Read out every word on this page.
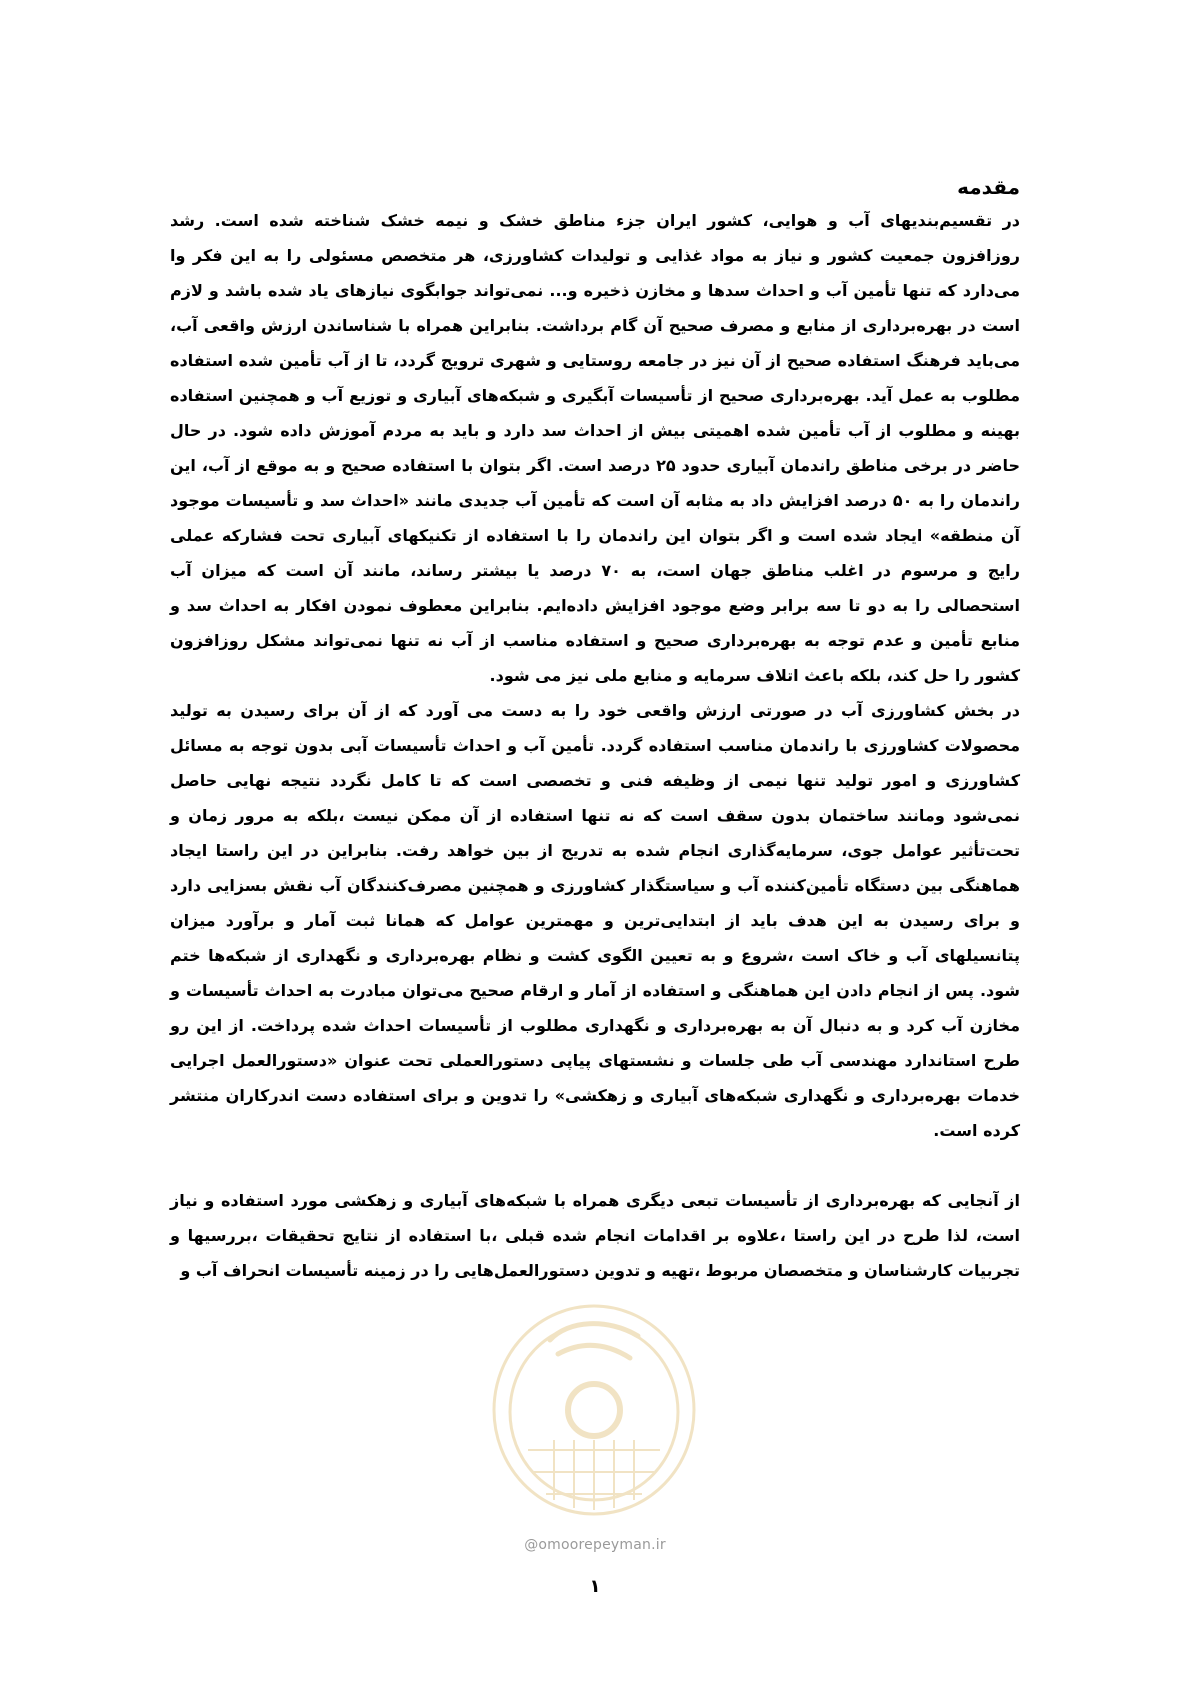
مقدمه

در تقسیم‌بندیهای آب و هوایی، کشور ایران جزء مناطق خشک و نیمه خشک شناخته شده است. رشد روزافزون جمعیت کشور و نیاز به مواد غذایی و تولیدات کشاورزی، هر متخصص مسئولی را به این فکر وا می‌دارد که تنها تأمین آب و احداث سدها و مخازن ذخیره و... نمی‌تواند جوابگوی نیازهای یاد شده باشد و لازم است در بهره‌برداری از منابع و مصرف صحیح آن گام برداشت. بنابراین همراه با شناساندن ارزش واقعی آب، می‌باید فرهنگ استفاده صحیح از آن نیز در جامعه روستایی و شهری ترویج گردد، تا از آب تأمین شده استفاده مطلوب به عمل آید. بهره‌برداری صحیح از تأسیسات آبگیری و شبکه‌های آبیاری و توزیع آب و همچنین استفاده بهینه و مطلوب از آب تأمین شده اهمیتی بیش از احداث سد دارد و باید به مردم آموزش داده شود. در حال حاضر در برخی مناطق راندمان آبیاری حدود ۲۵ درصد است. اگر بتوان با استفاده صحیح و به موقع از آب، این راندمان را به ۵۰ درصد افزایش داد به مثابه آن است که تأمین آب جدیدی مانند «احداث سد و تأسیسات موجود آن منطقه» ایجاد شده است و اگر بتوان این راندمان را با استفاده از تکنیکهای آبیاری تحت فشارکه عملی رایج و مرسوم در اغلب مناطق جهان است، به ۷۰ درصد یا بیشتر رساند، مانند آن است که میزان آب استحصالی را به دو تا سه برابر وضع موجود افزایش داده‌ایم. بنابراین معطوف نمودن افکار به احداث سد و منابع تأمین و عدم توجه به بهره‌برداری صحیح و استفاده مناسب از آب نه تنها نمی‌تواند مشکل روزافزون کشور را حل کند، بلکه باعث اتلاف سرمایه و منابع ملی نیز می شود.

در بخش کشاورزی آب در صورتی ارزش واقعی خود را به دست می آورد که از آن برای رسیدن به تولید محصولات کشاورزی با راندمان مناسب استفاده گردد. تأمین آب و احداث تأسیسات آبی بدون توجه به مسائل کشاورزی و امور تولید تنها نیمی از وظیفه فنی و تخصصی است که تا کامل نگردد نتیجه نهایی حاصل نمی‌شود ومانند ساختمان بدون سقف است که نه تنها استفاده از آن ممکن نیست ،بلکه به مرور زمان و تحت‌تأثیر عوامل جوی، سرمایه‌گذاری انجام شده به تدریج از بین خواهد رفت. بنابراین در این راستا ایجاد هماهنگی بین دستگاه تأمین‌کننده آب و سیاستگذار کشاورزی و همچنین مصرف‌کنندگان آب نقش بسزایی دارد و برای رسیدن به این هدف باید از ابتدایی‌ترین و مهمترین عوامل که همانا ثبت آمار و برآورد میزان پتانسیلهای آب و خاک است ،شروع و به تعیین الگوی کشت و نظام بهره‌برداری و نگهداری از شبکه‌ها ختم شود. پس از انجام دادن این هماهنگی و استفاده از آمار و ارقام صحیح می‌توان مبادرت به احداث تأسیسات و مخازن آب کرد و به دنبال آن به بهره‌برداری و نگهداری مطلوب از تأسیسات احداث شده پرداخت. از این رو طرح استاندارد مهندسی آب طی جلسات و نشستهای پیاپی دستورالعملی تحت عنوان «دستورالعمل اجرایی خدمات بهره‌برداری و نگهداری شبکه‌های آبیاری و زهکشی» را تدوین و برای استفاده دست اندرکاران منتشر کرده است.

از آنجایی که بهره‌برداری از تأسیسات تبعی دیگری همراه با شبکه‌های آبیاری و زهکشی مورد استفاده و نیاز است، لذا طرح در این راستا ،علاوه بر اقدامات انجام شده قبلی ،با استفاده از نتایج تحقیقات ،بررسیها و تجربیات کارشناسان و متخصصان مربوط ،تهیه و تدوین دستورالعمل‌هایی را در زمینه تأسیسات انحراف آب و

@omoorepeyman.ir
۱
